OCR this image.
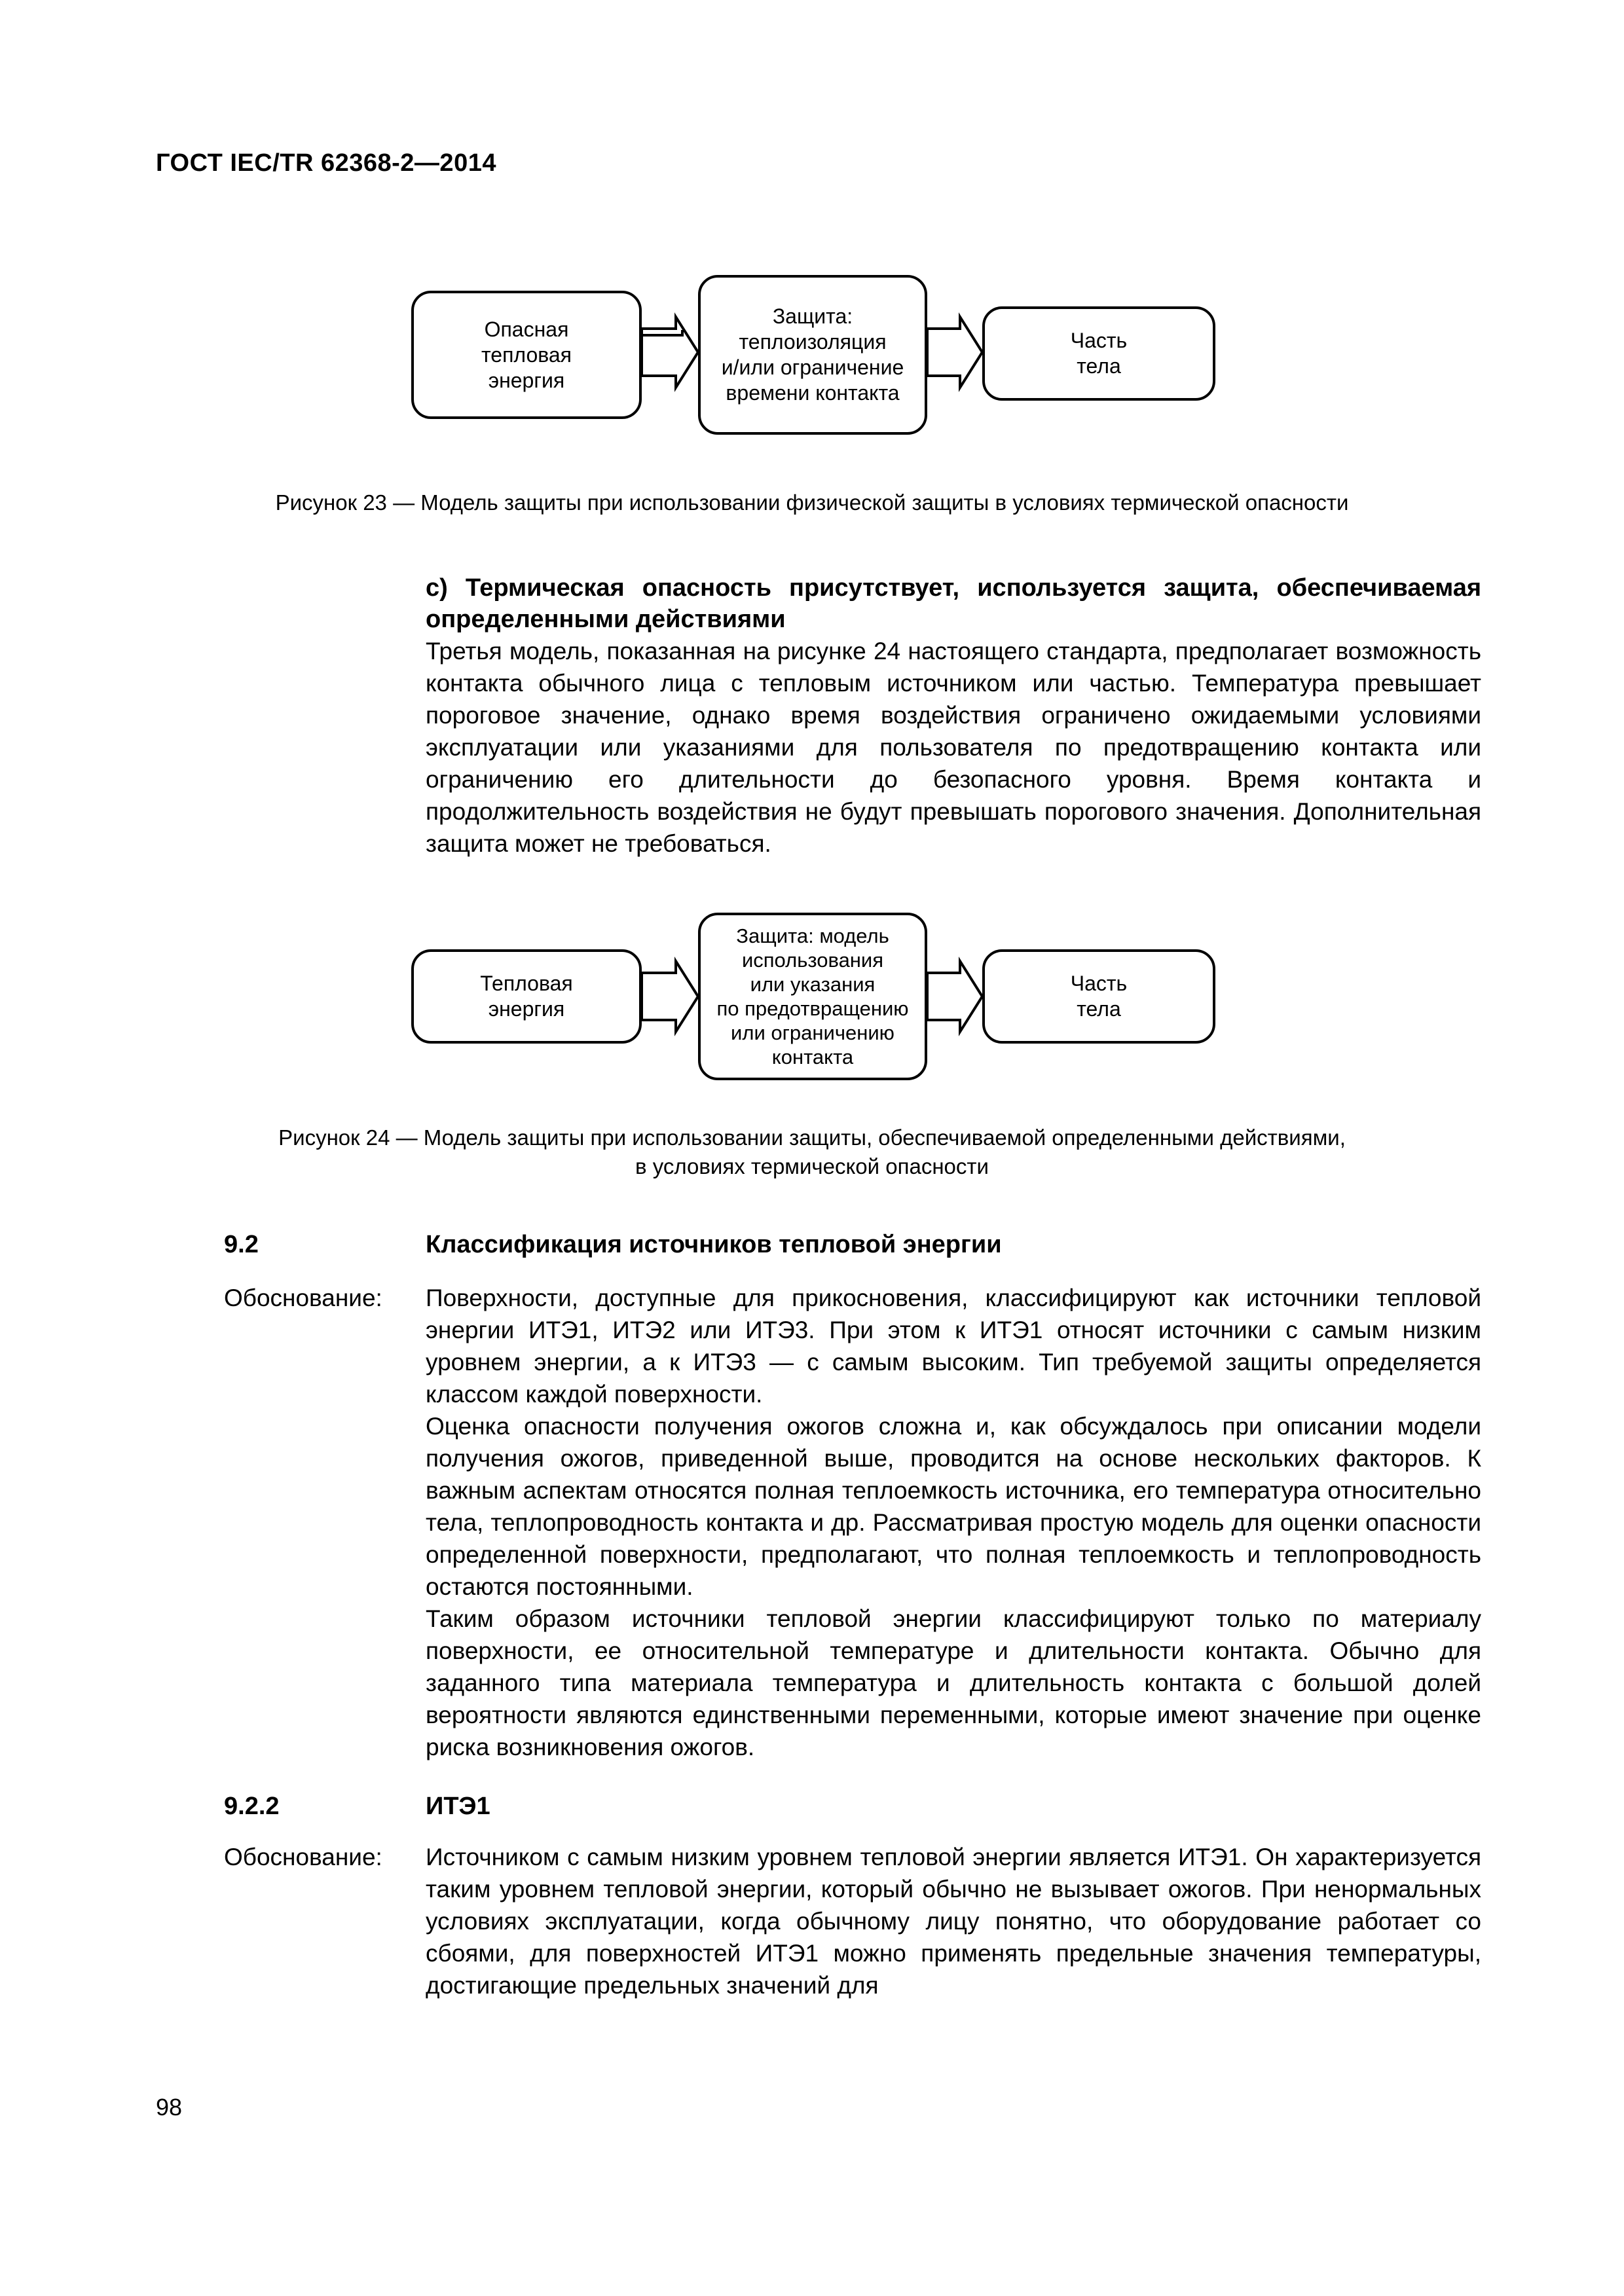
ГОСТ IEC/TR 62368-2—2014
Опасная
тепловая
энергия
Защита:
теплоизоляция
и/или ограничение
времени контакта
Часть
тела
Рисунок 23 — Модель защиты при использовании физической защиты в условиях термической опасности
с) Термическая опасность присутствует, используется защита, обеспечиваемая определенными действиями

Третья модель, показанная на рисунке 24 настоящего стандарта, предполагает возможность контакта обычного лица с тепловым источником или частью. Температура превышает пороговое значение, однако время воздействия ограничено ожидаемыми условиями эксплуатации или указаниями для пользователя по предотвращению контакта или ограничению его длительности до безопасного уровня. Время контакта и продолжительность воздействия не будут превышать порогового значения. Дополнительная защита может не требоваться.

Тепловая
энергия
Защита: модель
использования
или указания
по предотвращению
или ограничению
контакта
Часть
тела
Рисунок 24 — Модель защиты при использовании защиты, обеспечиваемой определенными действиями,
в условиях термической опасности
9.2	Классификация источников тепловой энергии
Обоснование: Поверхности, доступные для прикосновения, классифицируют как источники тепловой энергии ИТЭ1, ИТЭ2 или ИТЭ3. При этом к ИТЭ1 относят источники с самым низким уровнем энергии, а к ИТЭ3 — с самым высоким. Тип требуемой защиты определяется классом каждой поверхности.

Оценка опасности получения ожогов сложна и, как обсуждалось при описании модели получения ожогов, приведенной выше, проводится на основе нескольких факторов. К важным аспектам относятся полная теплоемкость источника, его температура относительно тела, теплопроводность контакта и др. Рассматривая простую модель для оценки опасности определенной поверхности, предполагают, что полная теплоемкость и теплопроводность остаются постоянными.

Таким образом источники тепловой энергии классифицируют только по материалу поверхности, ее относительной температуре и длительности контакта. Обычно для заданного типа материала температура и длительность контакта с большой долей вероятности являются единственными переменными, которые имеют значение при оценке риска возникновения ожогов.

9.2.2	ИТЭ1
Обоснование: Источником с самым низким уровнем тепловой энергии является ИТЭ1. Он характеризуется таким уровнем тепловой энергии, который обычно не вызывает ожогов. При ненормальных условиях эксплуатации, когда обычному лицу понятно, что оборудование работает со сбоями, для поверхностей ИТЭ1 можно применять предельные значения температуры, достигающие предельных значений для

98
